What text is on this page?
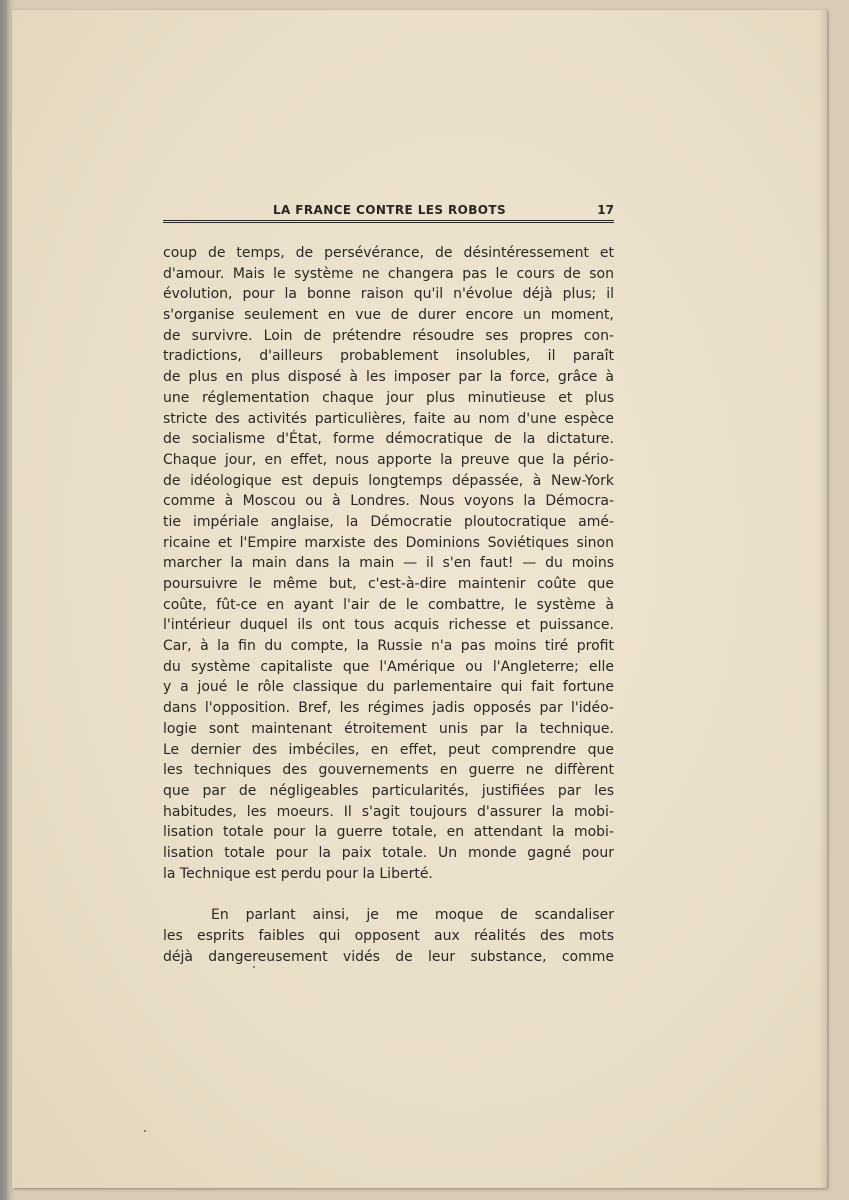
LA FRANCE CONTRE LES ROBOTS	17
coup de temps, de persévérance, de désintéressement et
d'amour. Mais le système ne changera pas le cours de son
évolution, pour la bonne raison qu'il n'évolue déjà plus; il
s'organise seulement en vue de durer encore un moment,
de survivre. Loin de prétendre résoudre ses propres con-
tradictions, d'ailleurs probablement insolubles, il paraît
de plus en plus disposé à les imposer par la force, grâce à
une réglementation chaque jour plus minutieuse et plus
stricte des activités particulières, faite au nom d'une espèce
de socialisme d'État, forme démocratique de la dictature.
Chaque jour, en effet, nous apporte la preuve que la pério-
de idéologique est depuis longtemps dépassée, à New-York
comme à Moscou ou à Londres. Nous voyons la Démocra-
tie impériale anglaise, la Démocratie ploutocratique amé-
ricaine et l'Empire marxiste des Dominions Soviétiques sinon
marcher la main dans la main — il s'en faut! — du moins
poursuivre le même but, c'est-à-dire maintenir coûte que
coûte, fût-ce en ayant l'air de le combattre, le système à
l'intérieur duquel ils ont tous acquis richesse et puissance.
Car, à la fin du compte, la Russie n'a pas moins tiré profit
du système capitaliste que l'Amérique ou l'Angleterre; elle
y a joué le rôle classique du parlementaire qui fait fortune
dans l'opposition. Bref, les régimes jadis opposés par l'idéo-
logie sont maintenant étroitement unis par la technique.
Le dernier des imbéciles, en effet, peut comprendre que
les techniques des gouvernements en guerre ne diffèrent
que par de négligeables particularités, justifiées par les
habitudes, les moeurs. Il s'agit toujours d'assurer la mobi-
lisation totale pour la guerre totale, en attendant la mobi-
lisation totale pour la paix totale. Un monde gagné pour
la Technique est perdu pour la Liberté.
En parlant ainsi, je me moque de scandaliser
les esprits faibles qui opposent aux réalités des mots
déjà dangereusement vidés de leur substance, comme
